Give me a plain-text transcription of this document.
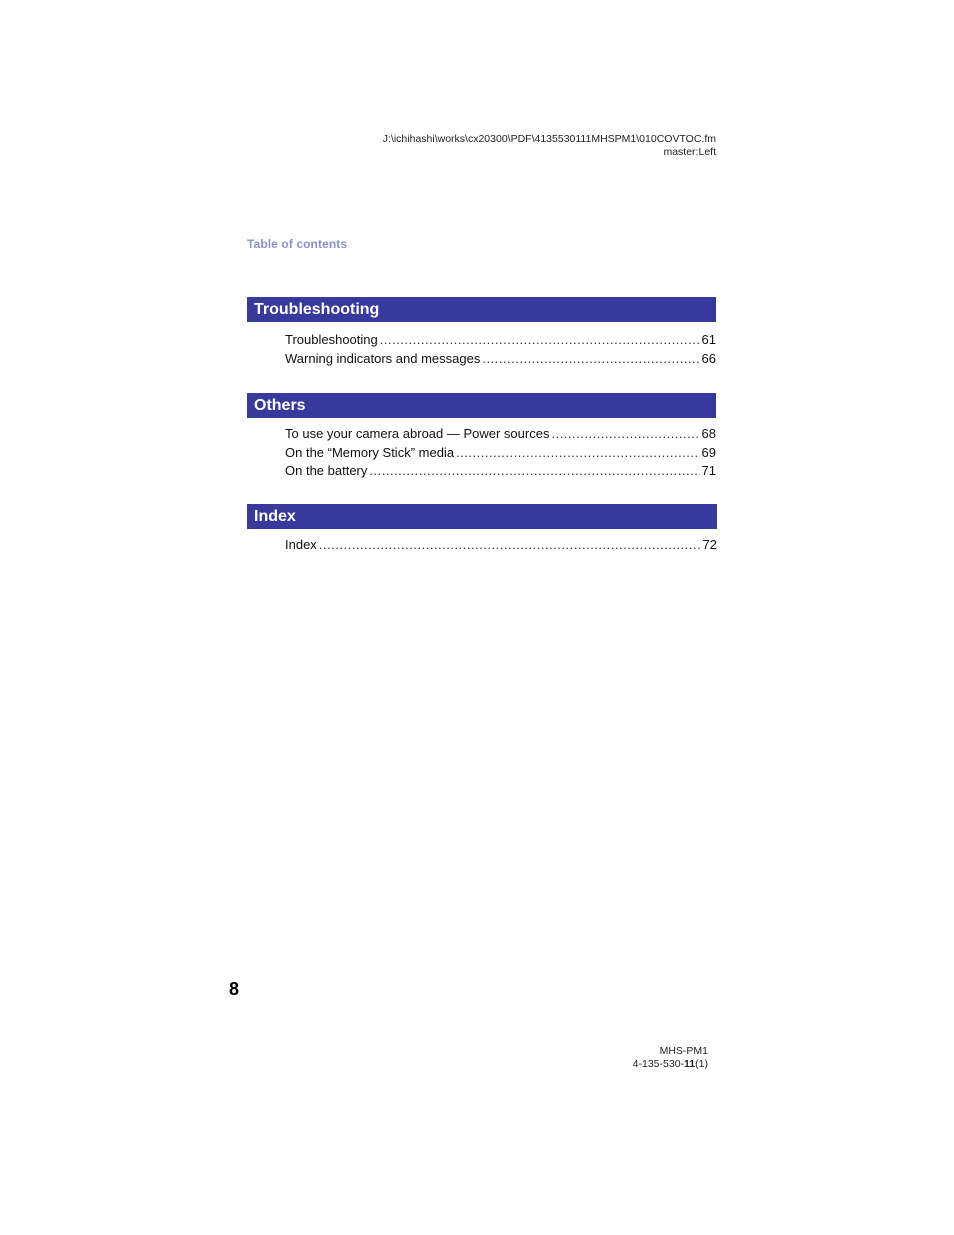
J:\ichihashi\works\cx20300\PDF\4135530111MHSPM1\010COVTOC.fm
master:Left
Table of contents
Troubleshooting
Troubleshooting .....	61
Warning indicators and messages .....	66
Others
To use your camera abroad — Power sources .....	68
On the “Memory Stick” media .....	69
On the battery .....	71
Index
Index .....	72
8
MHS-PM1
4-135-530-11(1)
